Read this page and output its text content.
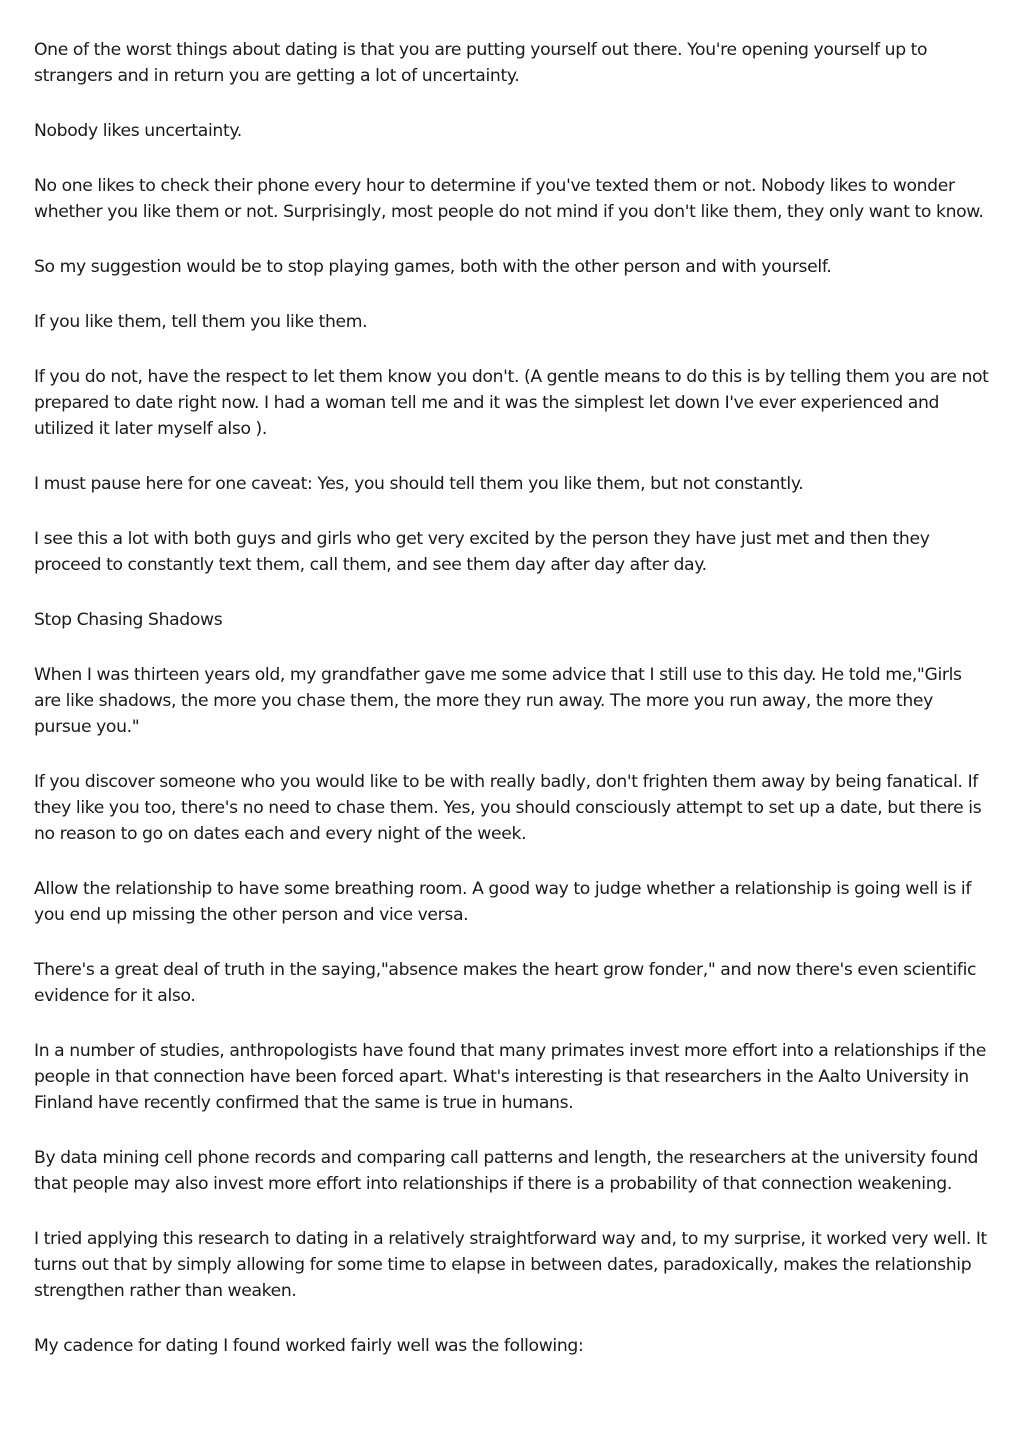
One of the worst things about dating is that you are putting yourself out there. You're opening yourself up to strangers and in return you are getting a lot of uncertainty.

Nobody likes uncertainty.

No one likes to check their phone every hour to determine if you've texted them or not. Nobody likes to wonder whether you like them or not. Surprisingly, most people do not mind if you don't like them, they only want to know.

So my suggestion would be to stop playing games, both with the other person and with yourself.

If you like them, tell them you like them.

If you do not, have the respect to let them know you don't. (A gentle means to do this is by telling them you are not prepared to date right now. I had a woman tell me and it was the simplest let down I've ever experienced and utilized it later myself also ).

I must pause here for one caveat: Yes, you should tell them you like them, but not constantly.

I see this a lot with both guys and girls who get very excited by the person they have just met and then they proceed to constantly text them, call them, and see them day after day after day.

Stop Chasing Shadows

When I was thirteen years old, my grandfather gave me some advice that I still use to this day. He told me,"Girls are like shadows, the more you chase them, the more they run away. The more you run away, the more they pursue you."

If you discover someone who you would like to be with really badly, don't frighten them away by being fanatical. If they like you too, there's no need to chase them. Yes, you should consciously attempt to set up a date, but there is no reason to go on dates each and every night of the week.

Allow the relationship to have some breathing room. A good way to judge whether a relationship is going well is if you end up missing the other person and vice versa.

There's a great deal of truth in the saying,"absence makes the heart grow fonder," and now there's even scientific evidence for it also.

In a number of studies, anthropologists have found that many primates invest more effort into a relationships if the people in that connection have been forced apart. What's interesting is that researchers in the Aalto University in Finland have recently confirmed that the same is true in humans.

By data mining cell phone records and comparing call patterns and length, the researchers at the university found that people may also invest more effort into relationships if there is a probability of that connection weakening.

I tried applying this research to dating in a relatively straightforward way and, to my surprise, it worked very well. It turns out that by simply allowing for some time to elapse in between dates, paradoxically, makes the relationship strengthen rather than weaken.

My cadence for dating I found worked fairly well was the following:
